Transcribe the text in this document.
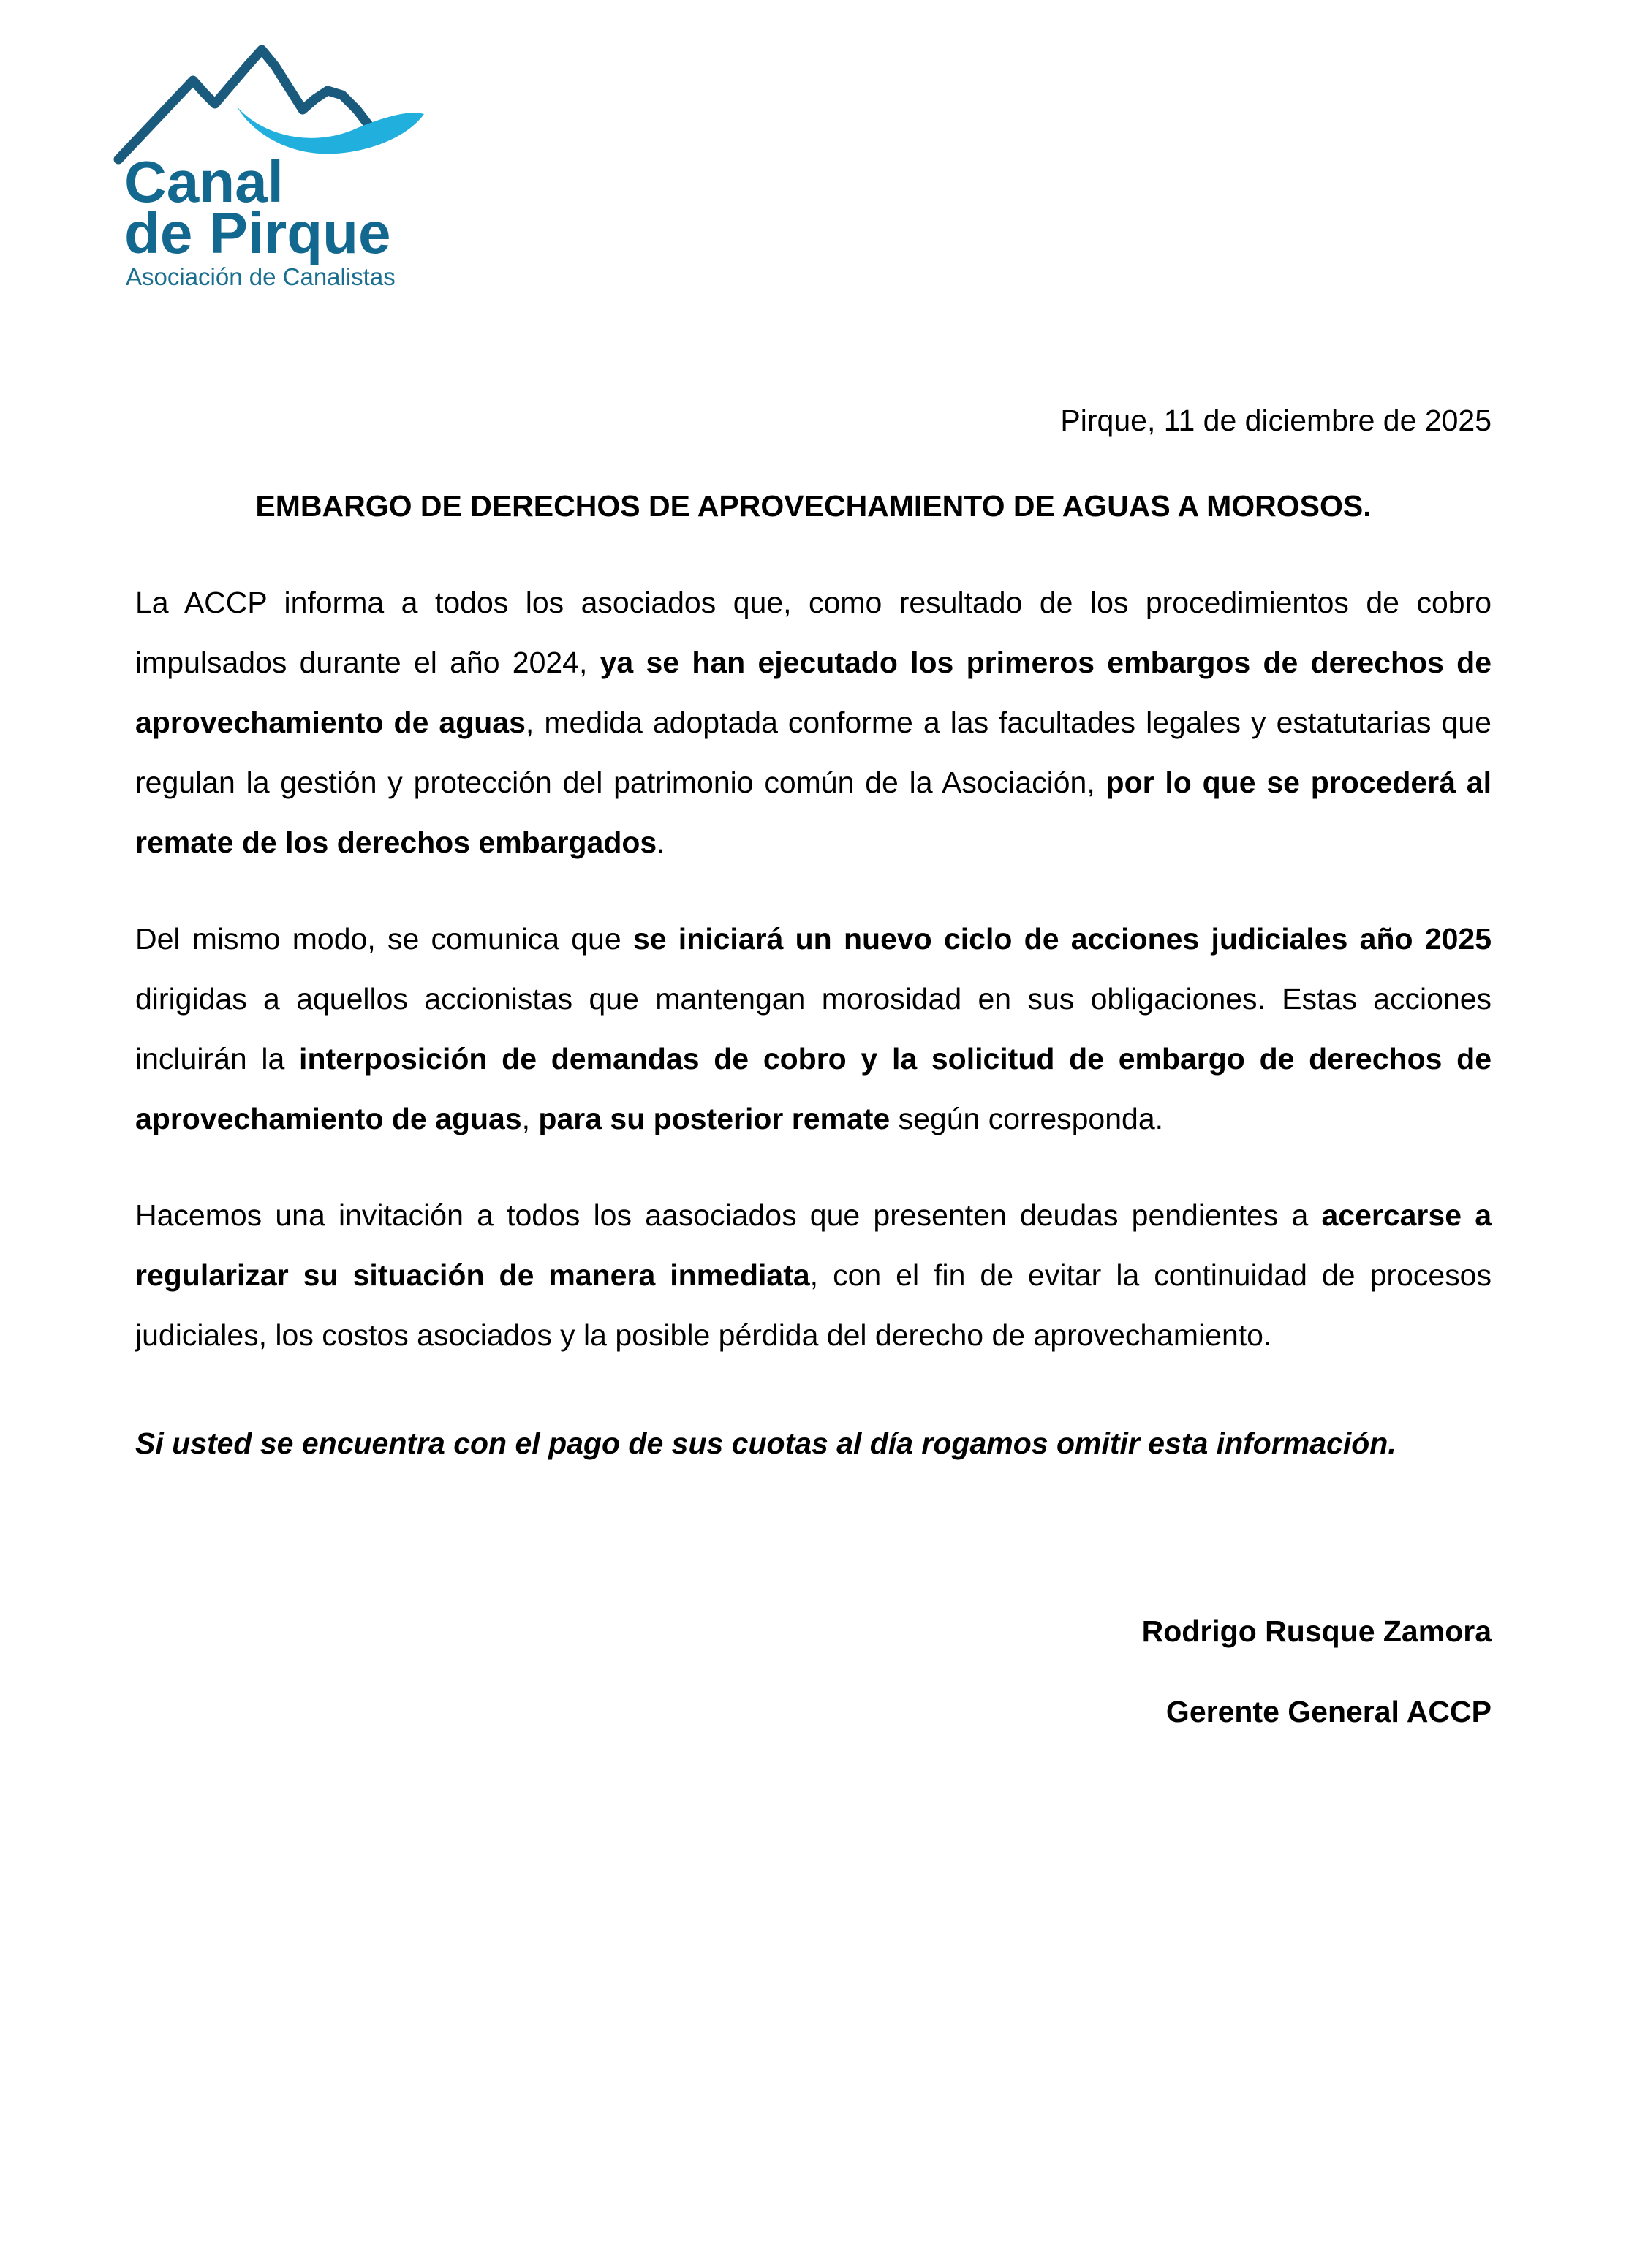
Canal
de Pirque
Asociación de Canalistas
Pirque, 11 de diciembre de 2025
EMBARGO DE DERECHOS DE APROVECHAMIENTO DE AGUAS A MOROSOS.

La ACCP informa a todos los asociados que, como resultado de los procedimientos de cobro impulsados durante el año 2024, ya se han ejecutado los primeros embargos de derechos de aprovechamiento de aguas, medida adoptada conforme a las facultades legales y estatutarias que regulan la gestión y protección del patrimonio común de la Asociación, por lo que se procederá al remate de los derechos embargados.

Del mismo modo, se comunica que se iniciará un nuevo ciclo de acciones judiciales año 2025 dirigidas a aquellos accionistas que mantengan morosidad en sus obligaciones. Estas acciones incluirán la interposición de demandas de cobro y la solicitud de embargo de derechos de aprovechamiento de aguas, para su posterior remate según corresponda.

Hacemos una invitación a todos los aasociados que presenten deudas pendientes a acercarse a regularizar su situación de manera inmediata, con el fin de evitar la continuidad de procesos judiciales, los costos asociados y la posible pérdida del derecho de aprovechamiento.

Si usted se encuentra con el pago de sus cuotas al día rogamos omitir esta información.

Rodrigo Rusque Zamora
Gerente General ACCP
